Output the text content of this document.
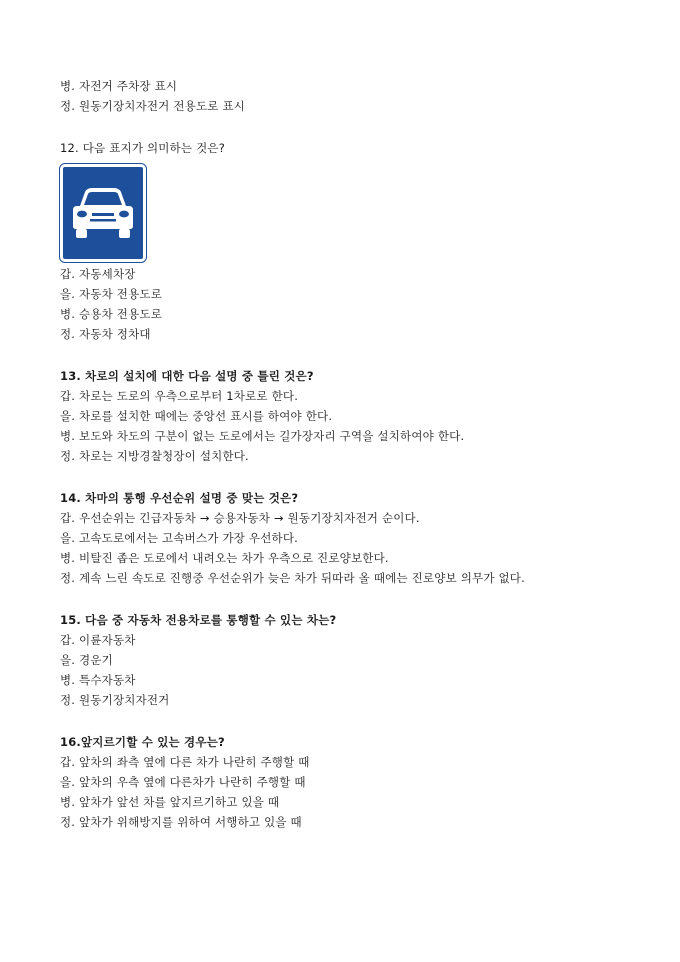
병. 자전거 주차장 표시
정. 원동기장치자전거 전용도로 표시
12. 다음 표지가 의미하는 것은?
갑. 자동세차장
을. 자동차 전용도로
병. 승용차 전용도로
정. 자동차 정차대
13. 차로의 설치에 대한 다음 설명 중 틀린 것은?
갑. 차로는 도로의 우측으로부터 1차로로 한다.
을. 차로를 설치한 때에는 중앙선 표시를 하여야 한다.
병. 보도와 차도의 구분이 없는 도로에서는 길가장자리 구역을 설치하여야 한다.
정. 차로는 지방경찰청장이 설치한다.
14. 차마의 통행 우선순위 설명 중 맞는 것은?
갑. 우선순위는 긴급자동차 → 승용자동차 → 원동기장치자전거 순이다.
을. 고속도로에서는 고속버스가 가장 우선하다.
병. 비탈진 좁은 도로에서 내려오는 차가 우측으로 진로양보한다.
정. 계속 느린 속도로 진행중 우선순위가 늦은 차가 뒤따라 올 때에는 진로양보 의무가 없다.
15. 다음 중 자동차 전용차로를 통행할 수 있는 차는?
갑. 이륜자동차
을. 경운기
병. 특수자동차
정. 원동기장치자전거
16.앞지르기할 수 있는 경우는?
갑. 앞차의 좌측 옆에 다른 차가 나란히 주행할 때
을. 앞차의 우측 옆에 다른차가 나란히 주행할 때
병. 앞차가 앞선 차를 앞지르기하고 있을 때
정. 앞차가 위해방지를 위하여 서행하고 있을 때
